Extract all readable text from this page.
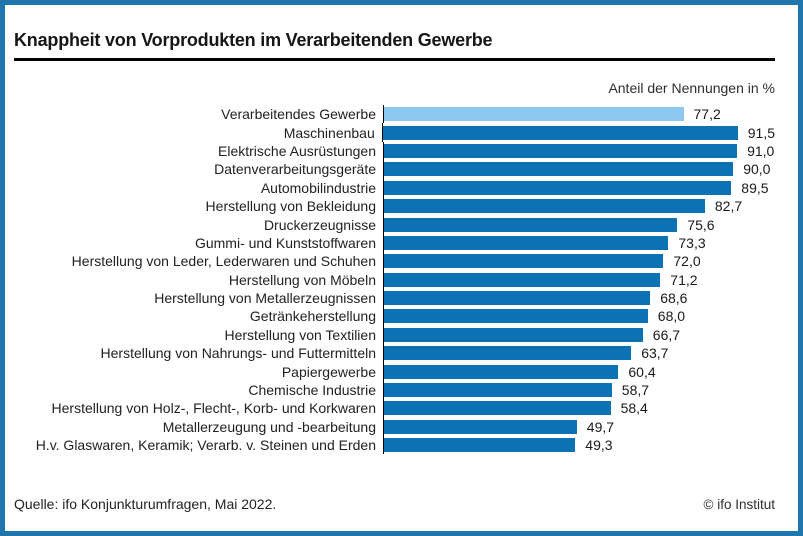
Knappheit von Vorprodukten im Verarbeitenden Gewerbe
Anteil der Nennungen in %
Verarbeitendes Gewerbe	77,2
Maschinenbau	91,5
Elektrische Ausrüstungen	91,0
Datenverarbeitungsgeräte	90,0
Automobilindustrie	89,5
Herstellung von Bekleidung	82,7
Druckerzeugnisse	75,6
Gummi- und Kunststoffwaren	73,3
Herstellung von Leder, Lederwaren und Schuhen	72,0
Herstellung von Möbeln	71,2
Herstellung von Metallerzeugnissen	68,6
Getränkeherstellung	68,0
Herstellung von Textilien	66,7
Herstellung von Nahrungs- und Futtermitteln	63,7
Papiergewerbe	60,4
Chemische Industrie	58,7
Herstellung von Holz-, Flecht-, Korb- und Korkwaren	58,4
Metallerzeugung und -bearbeitung	49,7
H.v. Glaswaren, Keramik; Verarb. v. Steinen und Erden	49,3
Quelle: ifo Konjunkturumfragen, Mai 2022.	© ifo Institut
